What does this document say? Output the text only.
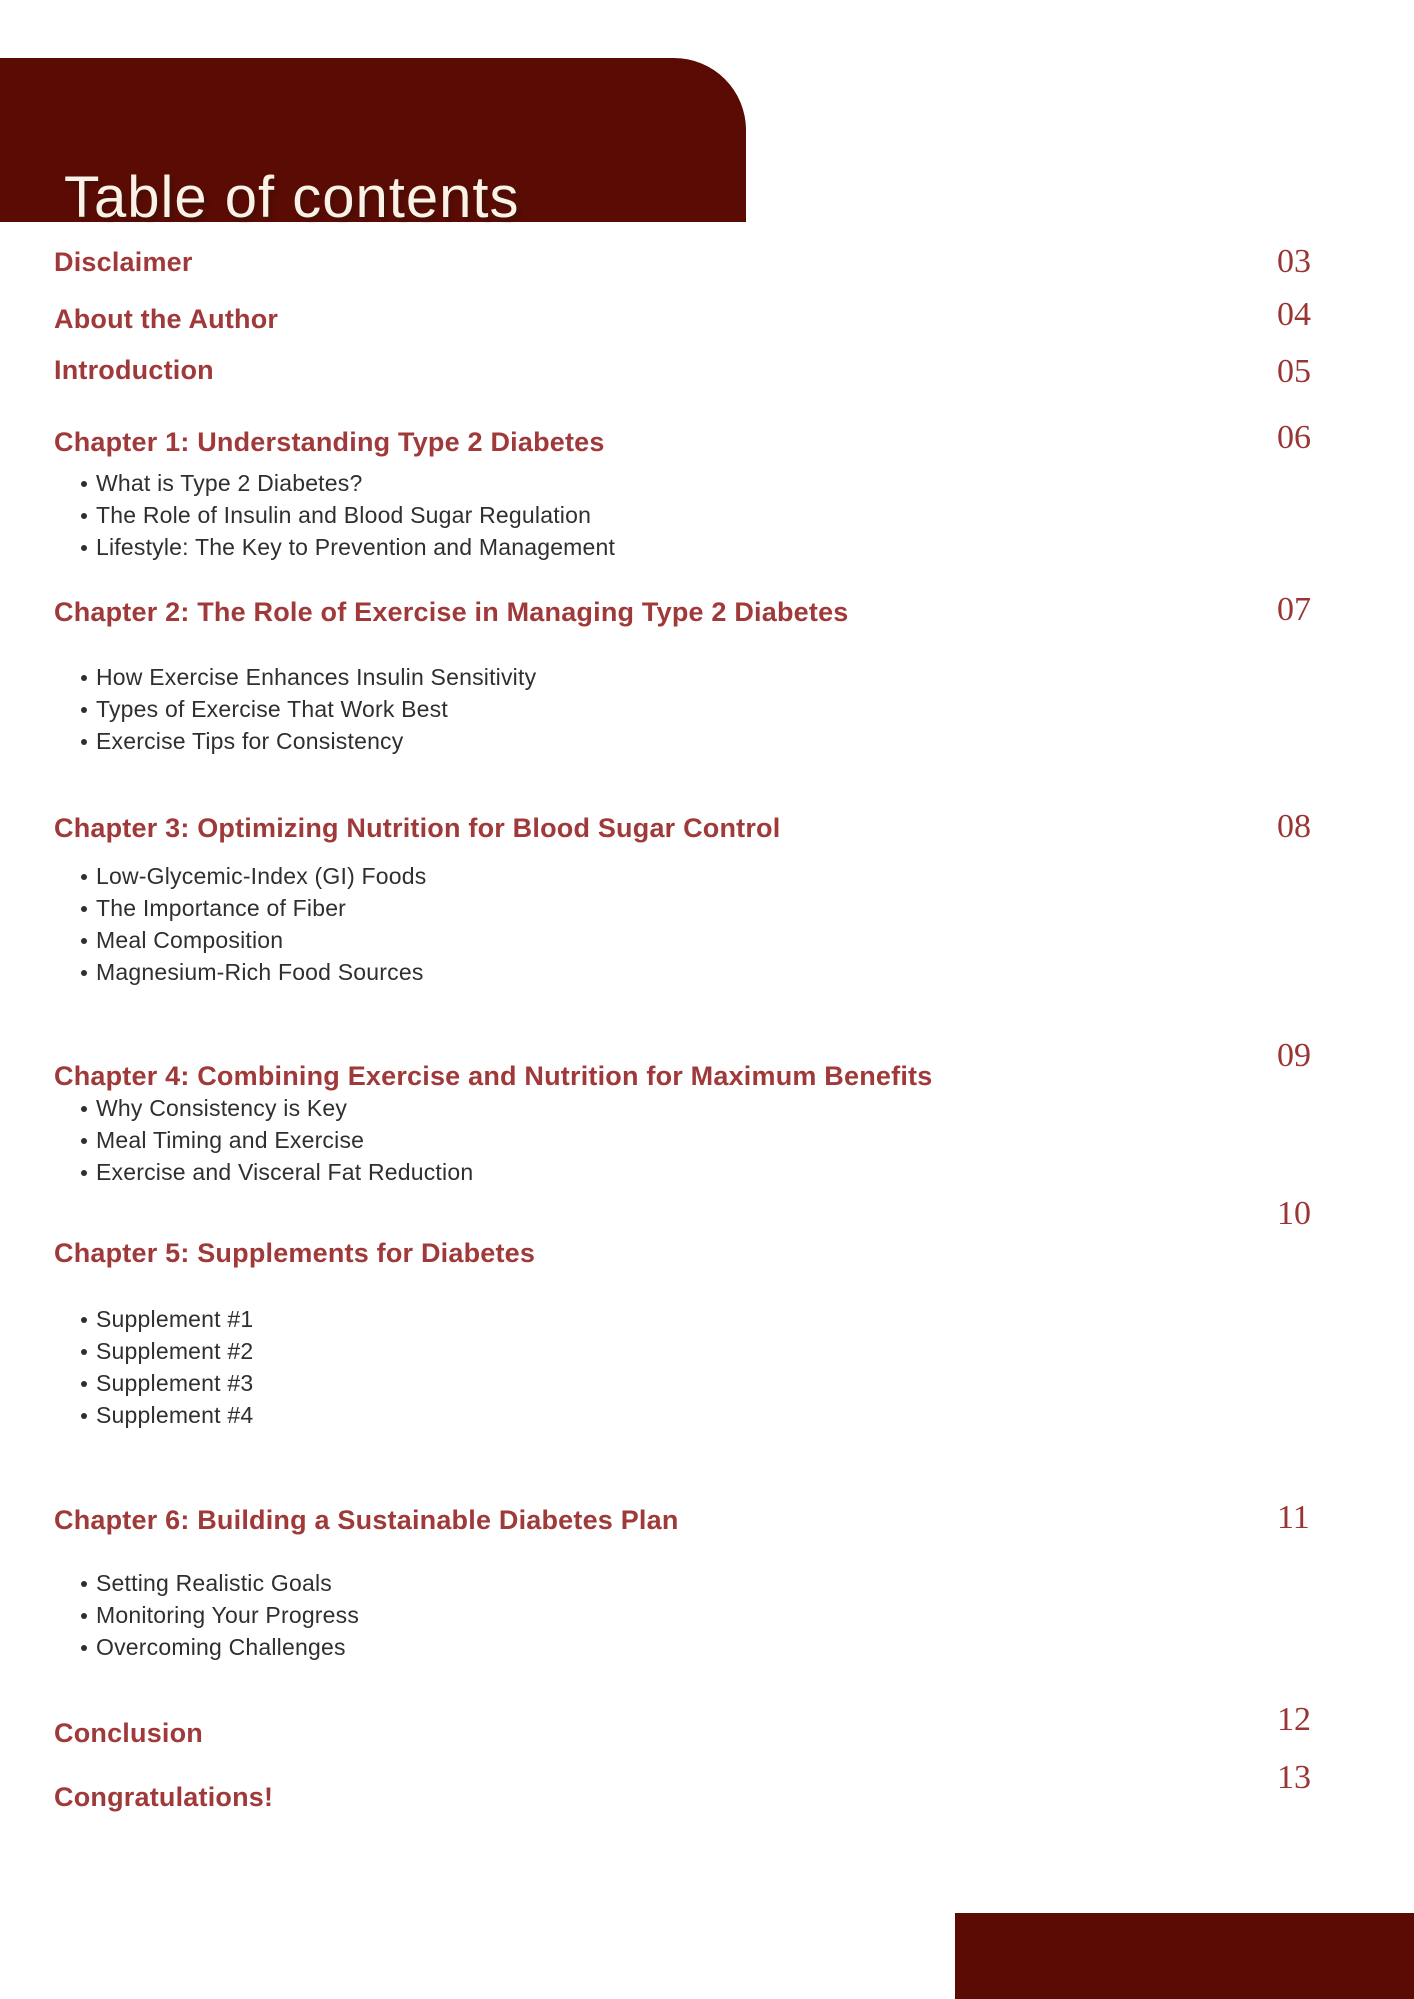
Table of contents
Disclaimer
About the Author
Introduction
Chapter 1: Understanding Type 2 Diabetes
Chapter 2: The Role of Exercise in Managing Type 2 Diabetes
Chapter 3: Optimizing Nutrition for Blood Sugar Control
Chapter 4: Combining Exercise and Nutrition for Maximum Benefits
Chapter 5: Supplements for Diabetes
Chapter 6: Building a Sustainable Diabetes Plan
Conclusion
Congratulations!
03
04
05
06
07
08
09
10
11
12
13
What is Type 2 Diabetes?
The Role of Insulin and Blood Sugar Regulation
Lifestyle: The Key to Prevention and Management
How Exercise Enhances Insulin Sensitivity
Types of Exercise That Work Best
Exercise Tips for Consistency
Low-Glycemic-Index (GI) Foods
The Importance of Fiber
Meal Composition
Magnesium-Rich Food Sources
Why Consistency is Key
Meal Timing and Exercise
Exercise and Visceral Fat Reduction
Supplement #1
Supplement #2
Supplement #3
Supplement #4
Setting Realistic Goals
Monitoring Your Progress
Overcoming Challenges
